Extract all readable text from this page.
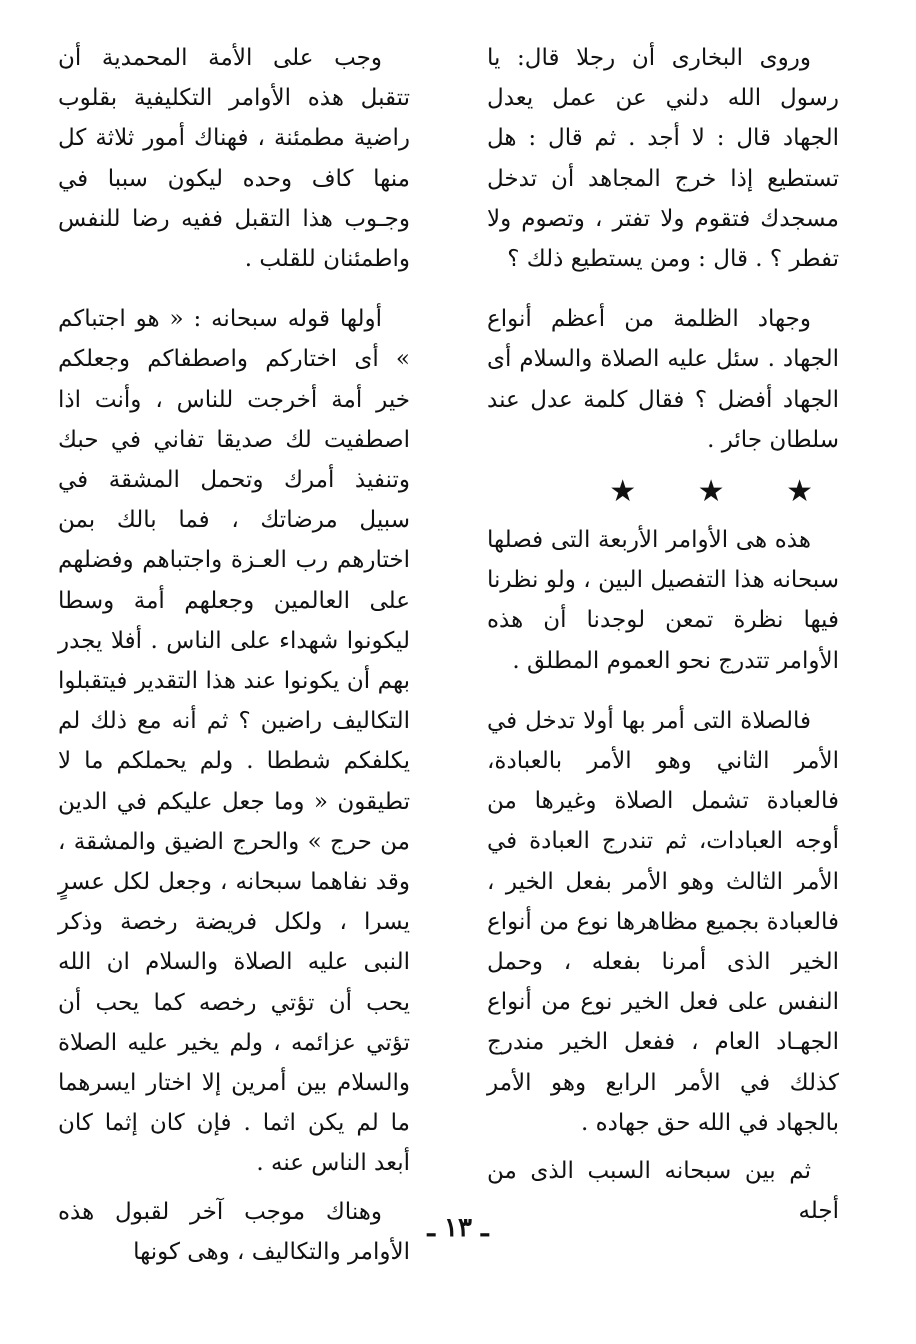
وروى البخارى أن رجلا قال: يا رسول الله دلني عن عمل يعدل الجهاد قال : لا أجد . ثم قال : هل تستطيع إذا خرج المجاهد أن تدخل مسجدك فتقوم ولا تفتر ، وتصوم ولا تفطر ؟ . قال : ومن يستطيع ذلك ؟

وجهاد الظلمة من أعظم أنواع الجهاد . سئل عليه الصلاة والسلام أى الجهاد أفضل ؟ فقال كلمة عدل عند سلطان جائر .

★ ★ ★

هذه هى الأوامر الأربعة التى فصلها سبحانه هذا التفصيل البين ، ولو نظرنا فيها نظرة تمعن لوجدنا أن هذه الأوامر تتدرج نحو العموم المطلق .

فالصلاة التى أمر بها أولا تدخل في الأمر الثاني وهو الأمر بالعبادة، فالعبادة تشمل الصلاة وغيرها من أوجه العبادات، ثم تندرج العبادة في الأمر الثالث وهو الأمر بفعل الخير ، فالعبادة بجميع مظاهرها نوع من أنواع الخير الذى أمرنا بفعله ، وحمل النفس على فعل الخير نوع من أنواع الجهـاد العام ، ففعل الخير مندرج كذلك في الأمر الرابع وهو الأمر بالجهاد في الله حق جهاده .

ثم بين سبحانه السبب الذى من أجله

وجب على الأمة المحمدية أن تتقبل هذه الأوامر التكليفية بقلوب راضية مطمئنة ، فهناك أمور ثلاثة كل منها كاف وحده ليكون سببا في وجـوب هذا التقبل ففيه رضا للنفس واطمئنان للقلب .

أولها قوله سبحانه : « هو اجتباكم » أى اختاركم واصطفاكم وجعلكم خير أمة أخرجت للناس ، وأنت اذا اصطفيت لك صديقا تفاني في حبك وتنفيذ أمرك وتحمل المشقة في سبيل مرضاتك ، فما بالك بمن اختارهم رب العـزة واجتباهم وفضلهم على العالمين وجعلهم أمة وسطا ليكونوا شهداء على الناس . أفلا يجدر بهم أن يكونوا عند هذا التقدير فيتقبلوا التكاليف راضين ؟ ثم أنه مع ذلك لم يكلفكم شططا . ولم يحملكم ما لا تطيقون « وما جعل عليكم في الدين من حرج » والحرج الضيق والمشقة ، وقد نفاهما سبحانه ، وجعل لكل عسرٍ يسرا ، ولكل فريضة رخصة وذكر النبى عليه الصلاة والسلام ان الله يحب أن تؤتي رخصه كما يحب أن تؤتي عزائمه ، ولم يخير عليه الصلاة والسلام بين أمرين إلا اختار ايسرهما ما لم يكن اثما . فإن كان إثما كان أبعد الناس عنه .

وهناك موجب آخر لقبول هذه الأوامر والتكاليف ، وهى كونها

ـ ١٣ ـ
